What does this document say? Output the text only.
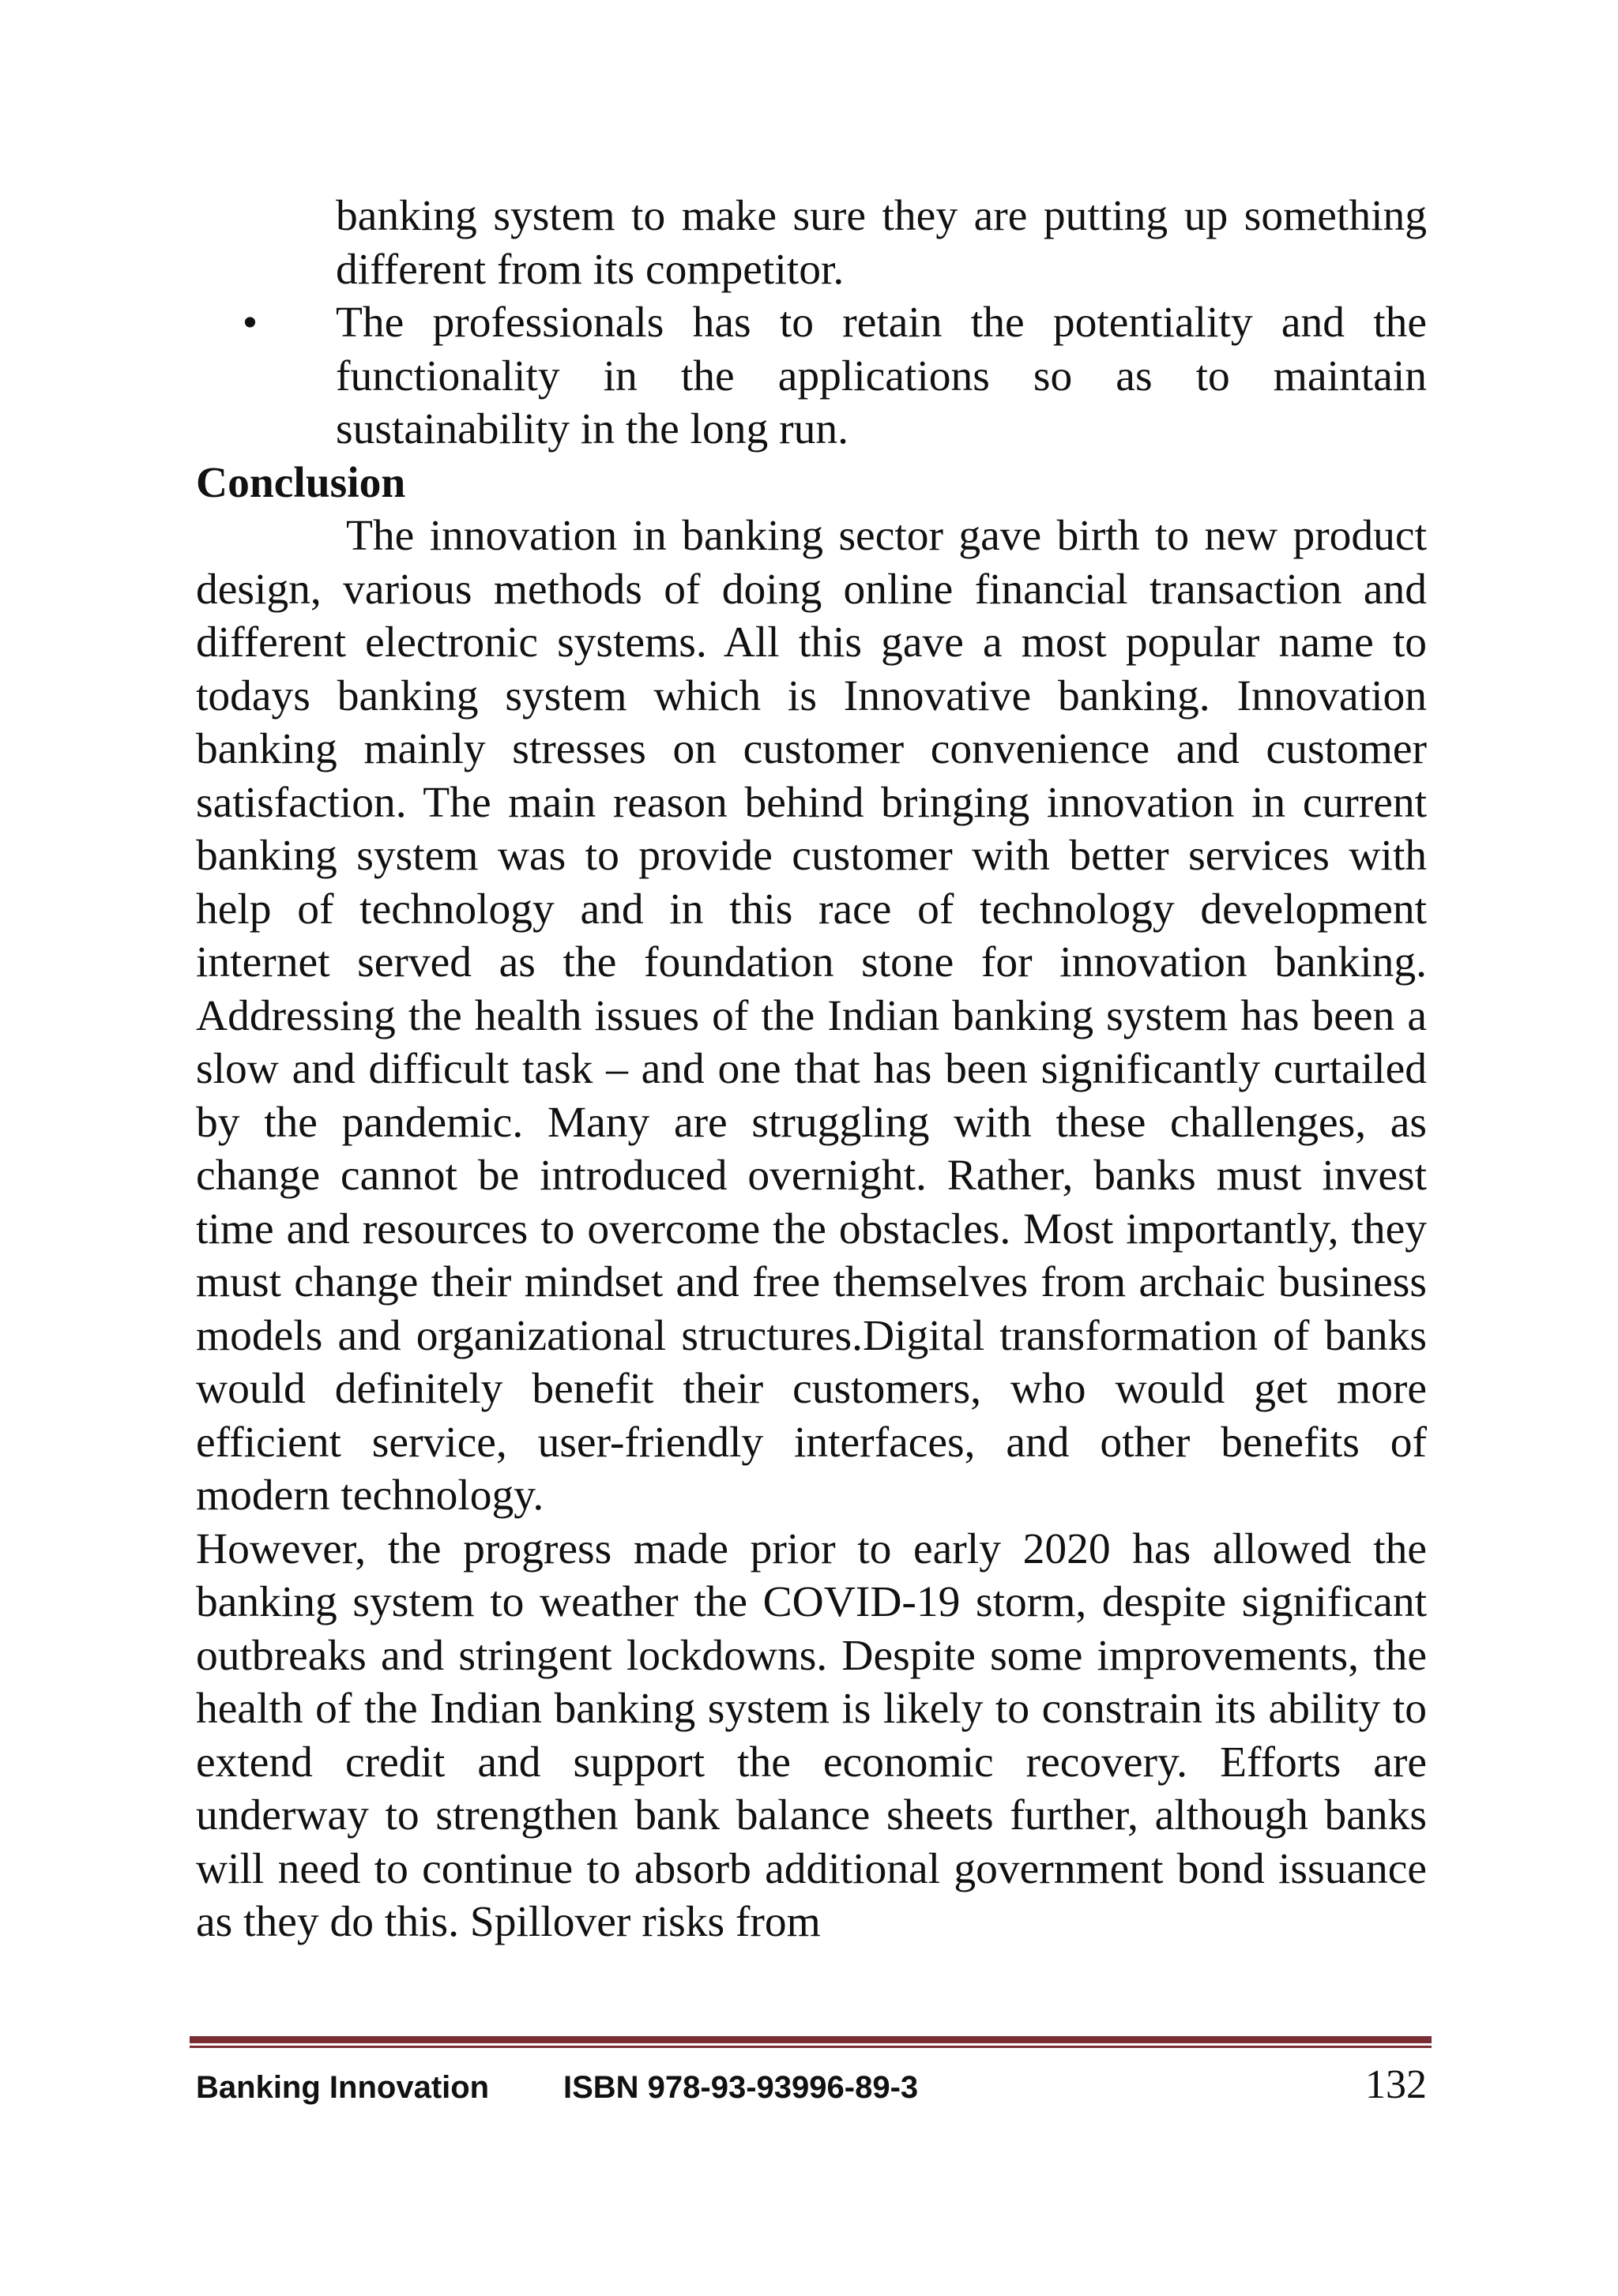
banking system to make sure they are putting up something different from its competitor.

•	The professionals has to retain the potentiality and the functionality in the applications so as to maintain sustainability in the long run.

Conclusion

The innovation in banking sector gave birth to new product design, various methods of doing online financial transaction and different electronic systems. All this gave a most popular name to todays banking system which is Innovative banking. Innovation banking mainly stresses on customer convenience and customer satisfaction. The main reason behind bringing innovation in current banking system was to provide customer with better services with help of technology and in this race of technology development internet served as the foundation stone for innovation banking. Addressing the health issues of the Indian banking system has been a slow and difficult task – and one that has been significantly curtailed by the pandemic. Many are struggling with these challenges, as change cannot be introduced overnight. Rather, banks must invest time and resources to overcome the obstacles. Most importantly, they must change their mindset and free themselves from archaic business models and organizational structures.Digital transformation of banks would definitely benefit their customers, who would get more efficient service, user-friendly interfaces, and other benefits of modern technology.

However, the progress made prior to early 2020 has allowed the banking system to weather the COVID-19 storm, despite significant outbreaks and stringent lockdowns. Despite some improvements, the health of the Indian banking system is likely to constrain its ability to extend credit and support the economic recovery. Efforts are underway to strengthen bank balance sheets further, although banks will need to continue to absorb additional government bond issuance as they do this. Spillover risks from

Banking Innovation ISBN 978-93-93996-89-3	132
